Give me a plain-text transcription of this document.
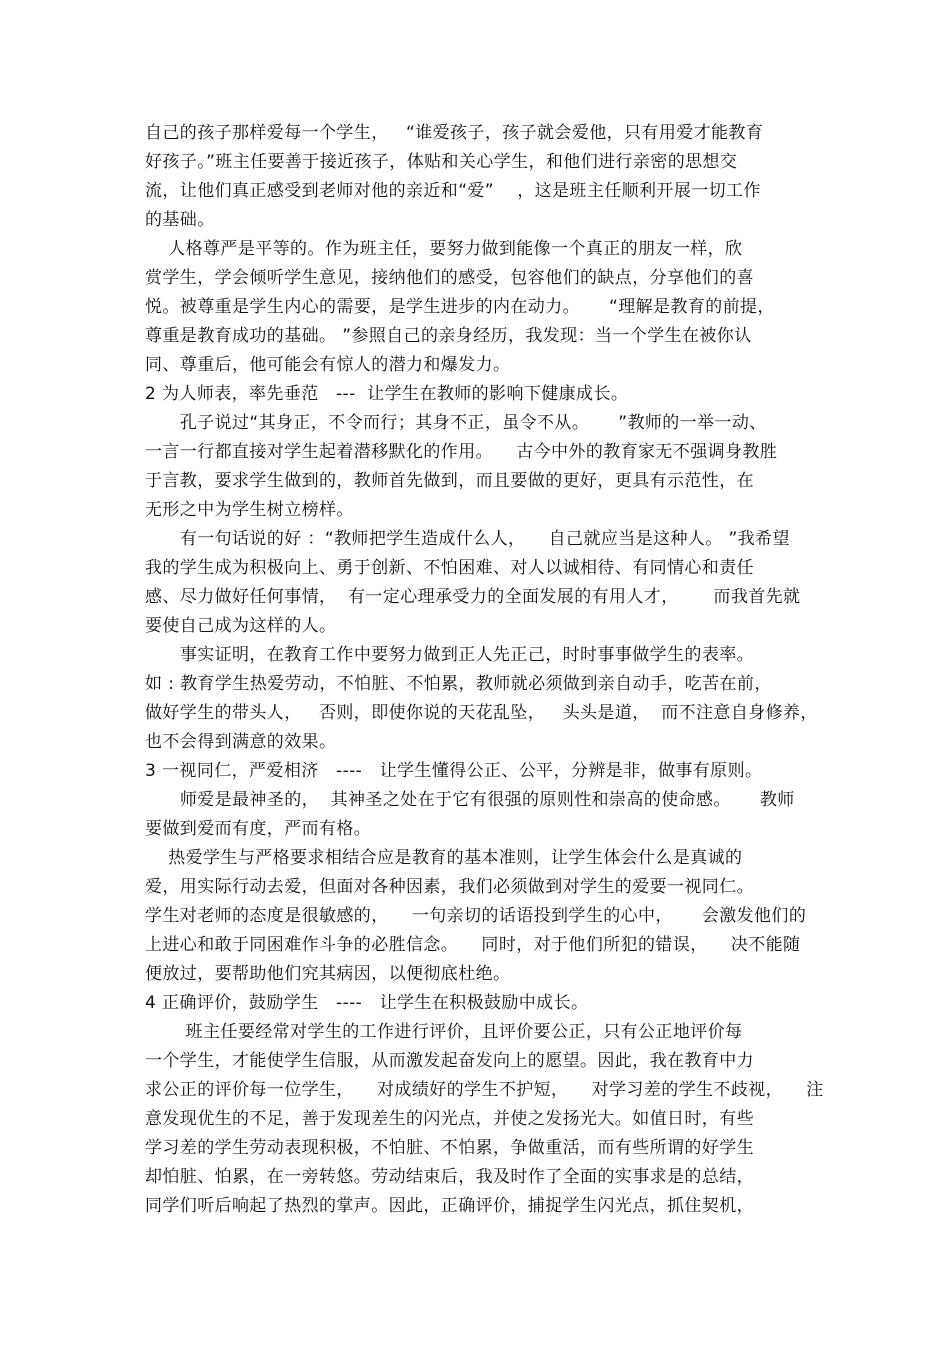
自己的孩子那样爱每一个学生，   “谁爱孩子，孩子就会爱他，只有用爱才能教育
好孩子。”班主任要善于接近孩子，体贴和关心学生，和他们进行亲密的思想交
流，让他们真正感受到老师对他的亲近和“爱”    ，这是班主任顺利开展一切工作
的基础。
人格尊严是平等的。作为班主任，要努力做到能像一个真正的朋友一样，欣
赏学生，学会倾听学生意见，接纳他们的感受，包容他们的缺点，分享他们的喜
悦。被尊重是学生内心的需要，是学生进步的内在动力。     “理解是教育的前提，
尊重是教育成功的基础。 ”参照自己的亲身经历，我发现：当一个学生在被你认
同、尊重后，他可能会有惊人的潜力和爆发力。
2 为人师表，率先垂范   ---  让学生在教师的影响下健康成长。
孔子说过“其身正，不令而行；其身不正，虽令不从。     ”教师的一举一动、
一言一行都直接对学生起着潜移默化的作用。    古今中外的教育家无不强调身教胜
于言教，要求学生做到的，教师首先做到，而且要做的更好，更具有示范性，在
无形之中为学生树立榜样。
有一句话说的好 ：“教师把学生造成什么人，    自己就应当是这种人。 ”我希望
我的学生成为积极向上、勇于创新、不怕困难、对人以诚相待、有同情心和责任
感、尽力做好任何事情，  有一定心理承受力的全面发展的有用人才，      而我首先就
要使自己成为这样的人。
事实证明，在教育工作中要努力做到正人先正己，时时事事做学生的表率。
如 : 教育学生热爱劳动，不怕脏、不怕累，教师就必须做到亲自动手，吃苦在前，
做好学生的带头人，   否则，即使你说的天花乱坠，   头头是道，  而不注意自身修养，
也不会得到满意的效果。
3 一视同仁，严爱相济   ----   让学生懂得公正、公平，分辨是非，做事有原则。
师爱是最神圣的，  其神圣之处在于它有很强的原则性和崇高的使命感。     教师
要做到爱而有度，严而有格。
热爱学生与严格要求相结合应是教育的基本准则，让学生体会什么是真诚的
爱，用实际行动去爱，但面对各种因素，我们必须做到对学生的爱要一视同仁。
学生对老师的态度是很敏感的，    一句亲切的话语投到学生的心中，     会激发他们的
上进心和敢于同困难作斗争的必胜信念。    同时，对于他们所犯的错误，    决不能随
便放过，要帮助他们究其病因，以便彻底杜绝。
4 正确评价，鼓励学生   ----   让学生在积极鼓励中成长。
班主任要经常对学生的工作进行评价，且评价要公正，只有公正地评价每
一个学生，才能使学生信服，从而激发起奋发向上的愿望。因此，我在教育中力
求公正的评价每一位学生，    对成绩好的学生不护短，    对学习差的学生不歧视，    注
意发现优生的不足，善于发现差生的闪光点，并使之发扬光大。如值日时，有些
学习差的学生劳动表现积极，不怕脏、不怕累，争做重活，而有些所谓的好学生
却怕脏、怕累，在一旁转悠。劳动结束后，我及时作了全面的实事求是的总结，
同学们听后响起了热烈的掌声。因此，正确评价，捕捉学生闪光点，抓住契机，
